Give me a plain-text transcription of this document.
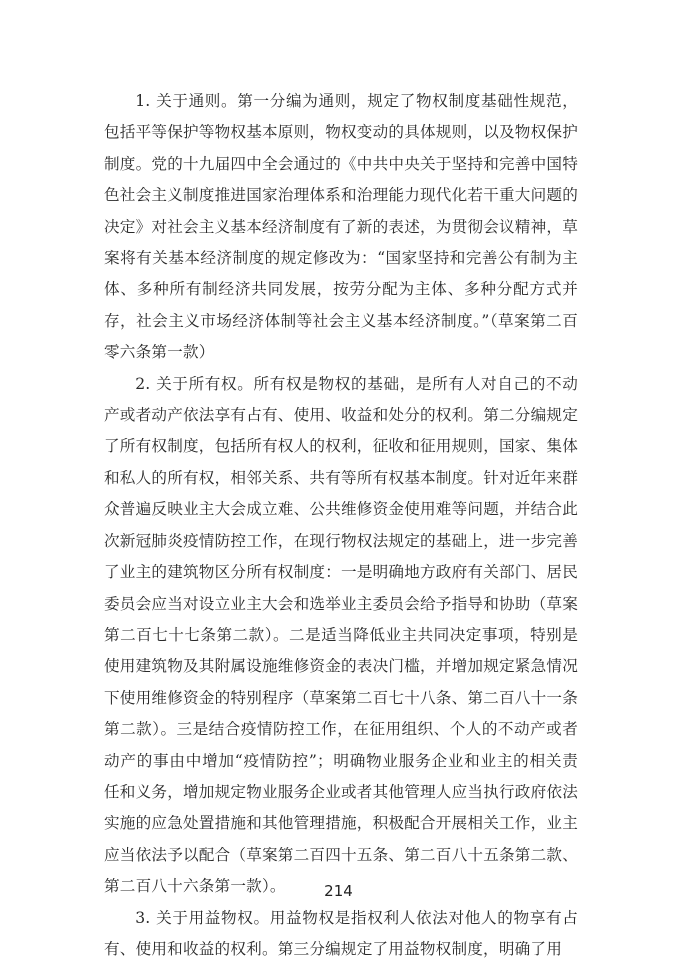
1. 关于通则。第一分编为通则，规定了物权制度基础性规范，包括平等保护等物权基本原则，物权变动的具体规则，以及物权保护制度。党的十九届四中全会通过的《中共中央关于坚持和完善中国特色社会主义制度推进国家治理体系和治理能力现代化若干重大问题的决定》对社会主义基本经济制度有了新的表述，为贯彻会议精神，草案将有关基本经济制度的规定修改为：“国家坚持和完善公有制为主体、多种所有制经济共同发展，按劳分配为主体、多种分配方式并存，社会主义市场经济体制等社会主义基本经济制度。”（草案第二百零六条第一款）

2. 关于所有权。所有权是物权的基础，是所有人对自己的不动产或者动产依法享有占有、使用、收益和处分的权利。第二分编规定了所有权制度，包括所有权人的权利，征收和征用规则，国家、集体和私人的所有权，相邻关系、共有等所有权基本制度。针对近年来群众普遍反映业主大会成立难、公共维修资金使用难等问题，并结合此次新冠肺炎疫情防控工作，在现行物权法规定的基础上，进一步完善了业主的建筑物区分所有权制度：一是明确地方政府有关部门、居民委员会应当对设立业主大会和选举业主委员会给予指导和协助（草案第二百七十七条第二款）。二是适当降低业主共同决定事项，特别是使用建筑物及其附属设施维修资金的表决门槛，并增加规定紧急情况下使用维修资金的特别程序（草案第二百七十八条、第二百八十一条第二款）。三是结合疫情防控工作，在征用组织、个人的不动产或者动产的事由中增加“疫情防控”；明确物业服务企业和业主的相关责任和义务，增加规定物业服务企业或者其他管理人应当执行政府依法实施的应急处置措施和其他管理措施，积极配合开展相关工作，业主应当依法予以配合（草案第二百四十五条、第二百八十五条第二款、第二百八十六条第一款）。

3. 关于用益物权。用益物权是指权利人依法对他人的物享有占有、使用和收益的权利。第三分编规定了用益物权制度，明确了用

214
